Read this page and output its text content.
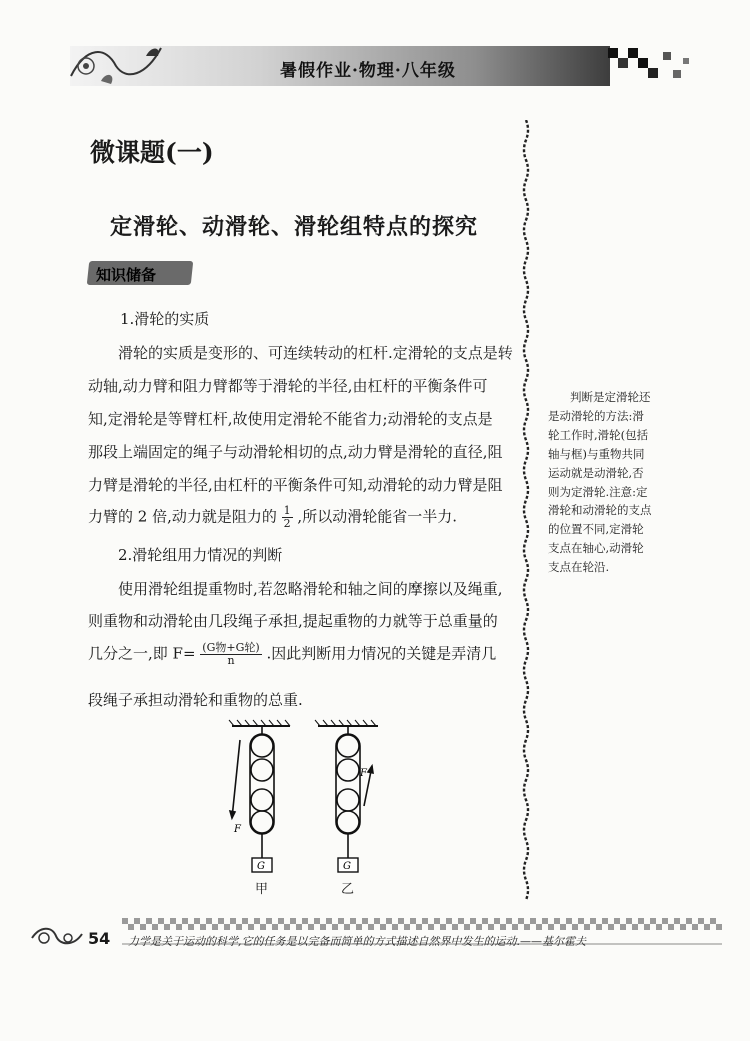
暑假作业·物理·八年级
微课题(一)
定滑轮、动滑轮、滑轮组特点的探究
知识储备
1.滑轮的实质
滑轮的实质是变形的、可连续转动的杠杆.定滑轮的支点是转
动轴,动力臂和阻力臂都等于滑轮的半径,由杠杆的平衡条件可
知,定滑轮是等臂杠杆,故使用定滑轮不能省力;动滑轮的支点是
那段上端固定的绳子与动滑轮相切的点,动力臂是滑轮的直径,阻
力臂是滑轮的半径,由杠杆的平衡条件可知,动滑轮的动力臂是阻
力臂的 2 倍,动力就是阻力的 $\frac{1}{2}$ ,所以动滑轮能省一半力.
2.滑轮组用力情况的判断
使用滑轮组提重物时,若忽略滑轮和轴之间的摩擦以及绳重,
则重物和动滑轮由几段绳子承担,提起重物的力就等于总重量的
几分之一,即 $F= \frac{\text{(G物+G轮)}}{n}$ .因此判断用力情况的关键是弄清几
段绳子承担动滑轮和重物的总重.
判断是定滑轮还
是动滑轮的方法:滑
轮工作时,滑轮(包括
轴与框)与重物共同
运动就是动滑轮,否
则为定滑轮.注意:定
滑轮和动滑轮的支点
的位置不同,定滑轮
支点在轴心,动滑轮
支点在轮沿.
F
G
F
G
甲	乙
54 力学是关于运动的科学,它的任务是以完备而简单的方式描述自然界中发生的运动.——基尔霍夫
